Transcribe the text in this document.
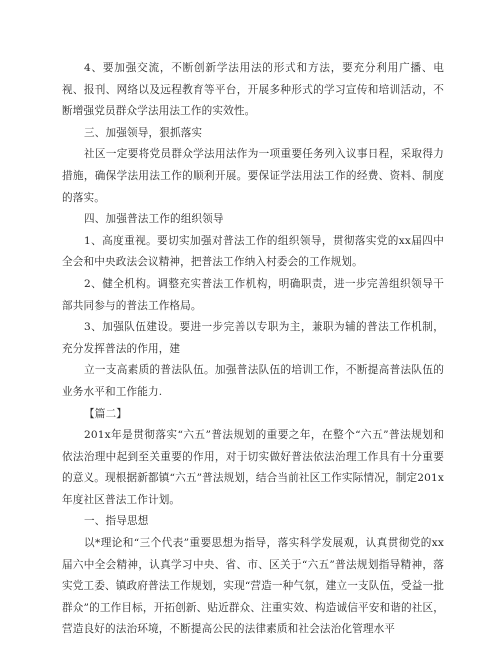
4、要加强交流，不断创新学法用法的形式和方法，要充分利用广播、电视、报刊、网络以及远程教育等平台，开展多种形式的学习宣传和培训活动，不断增强党员群众学法用法工作的实效性。

三、加强领导，狠抓落实

社区一定要将党员群众学法用法作为一项重要任务列入议事日程，采取得力措施，确保学法用法工作的顺利开展。要保证学法用法工作的经费、资料、制度的落实。

四、加强普法工作的组织领导

1、高度重视。要切实加强对普法工作的组织领导，贯彻落实党的xx届四中全会和中央政法会议精神，把普法工作纳入村委会的工作规划。

2、健全机构。调整充实普法工作机构，明确职责，进一步完善组织领导干部共同参与的普法工作格局。

3、加强队伍建设。要进一步完善以专职为主，兼职为辅的普法工作机制，充分发挥普法的作用，建

立一支高素质的普法队伍。加强普法队伍的培训工作，不断提高普法队伍的业务水平和工作能力.

【篇二】

201x年是贯彻落实“六五”普法规划的重要之年，在整个“六五”普法规划和依法治理中起到至关重要的作用，对于切实做好普法依法治理工作具有十分重要的意义。现根据新都镇“六五”普法规划，结合当前社区工作实际情况，制定201x年度社区普法工作计划。

一、指导思想

以*理论和“三个代表”重要思想为指导，落实科学发展观，认真贯彻党的xx届六中全会精神，认真学习中央、省、市、区关于“六五”普法规划指导精神，落实党工委、镇政府普法工作规划，实现“营造一种气氛，建立一支队伍，受益一批群众”的工作目标，开拓创新、贴近群众、注重实效、构造诚信平安和谐的社区，营造良好的法治环境，不断提高公民的法律素质和社会法治化管理水平
